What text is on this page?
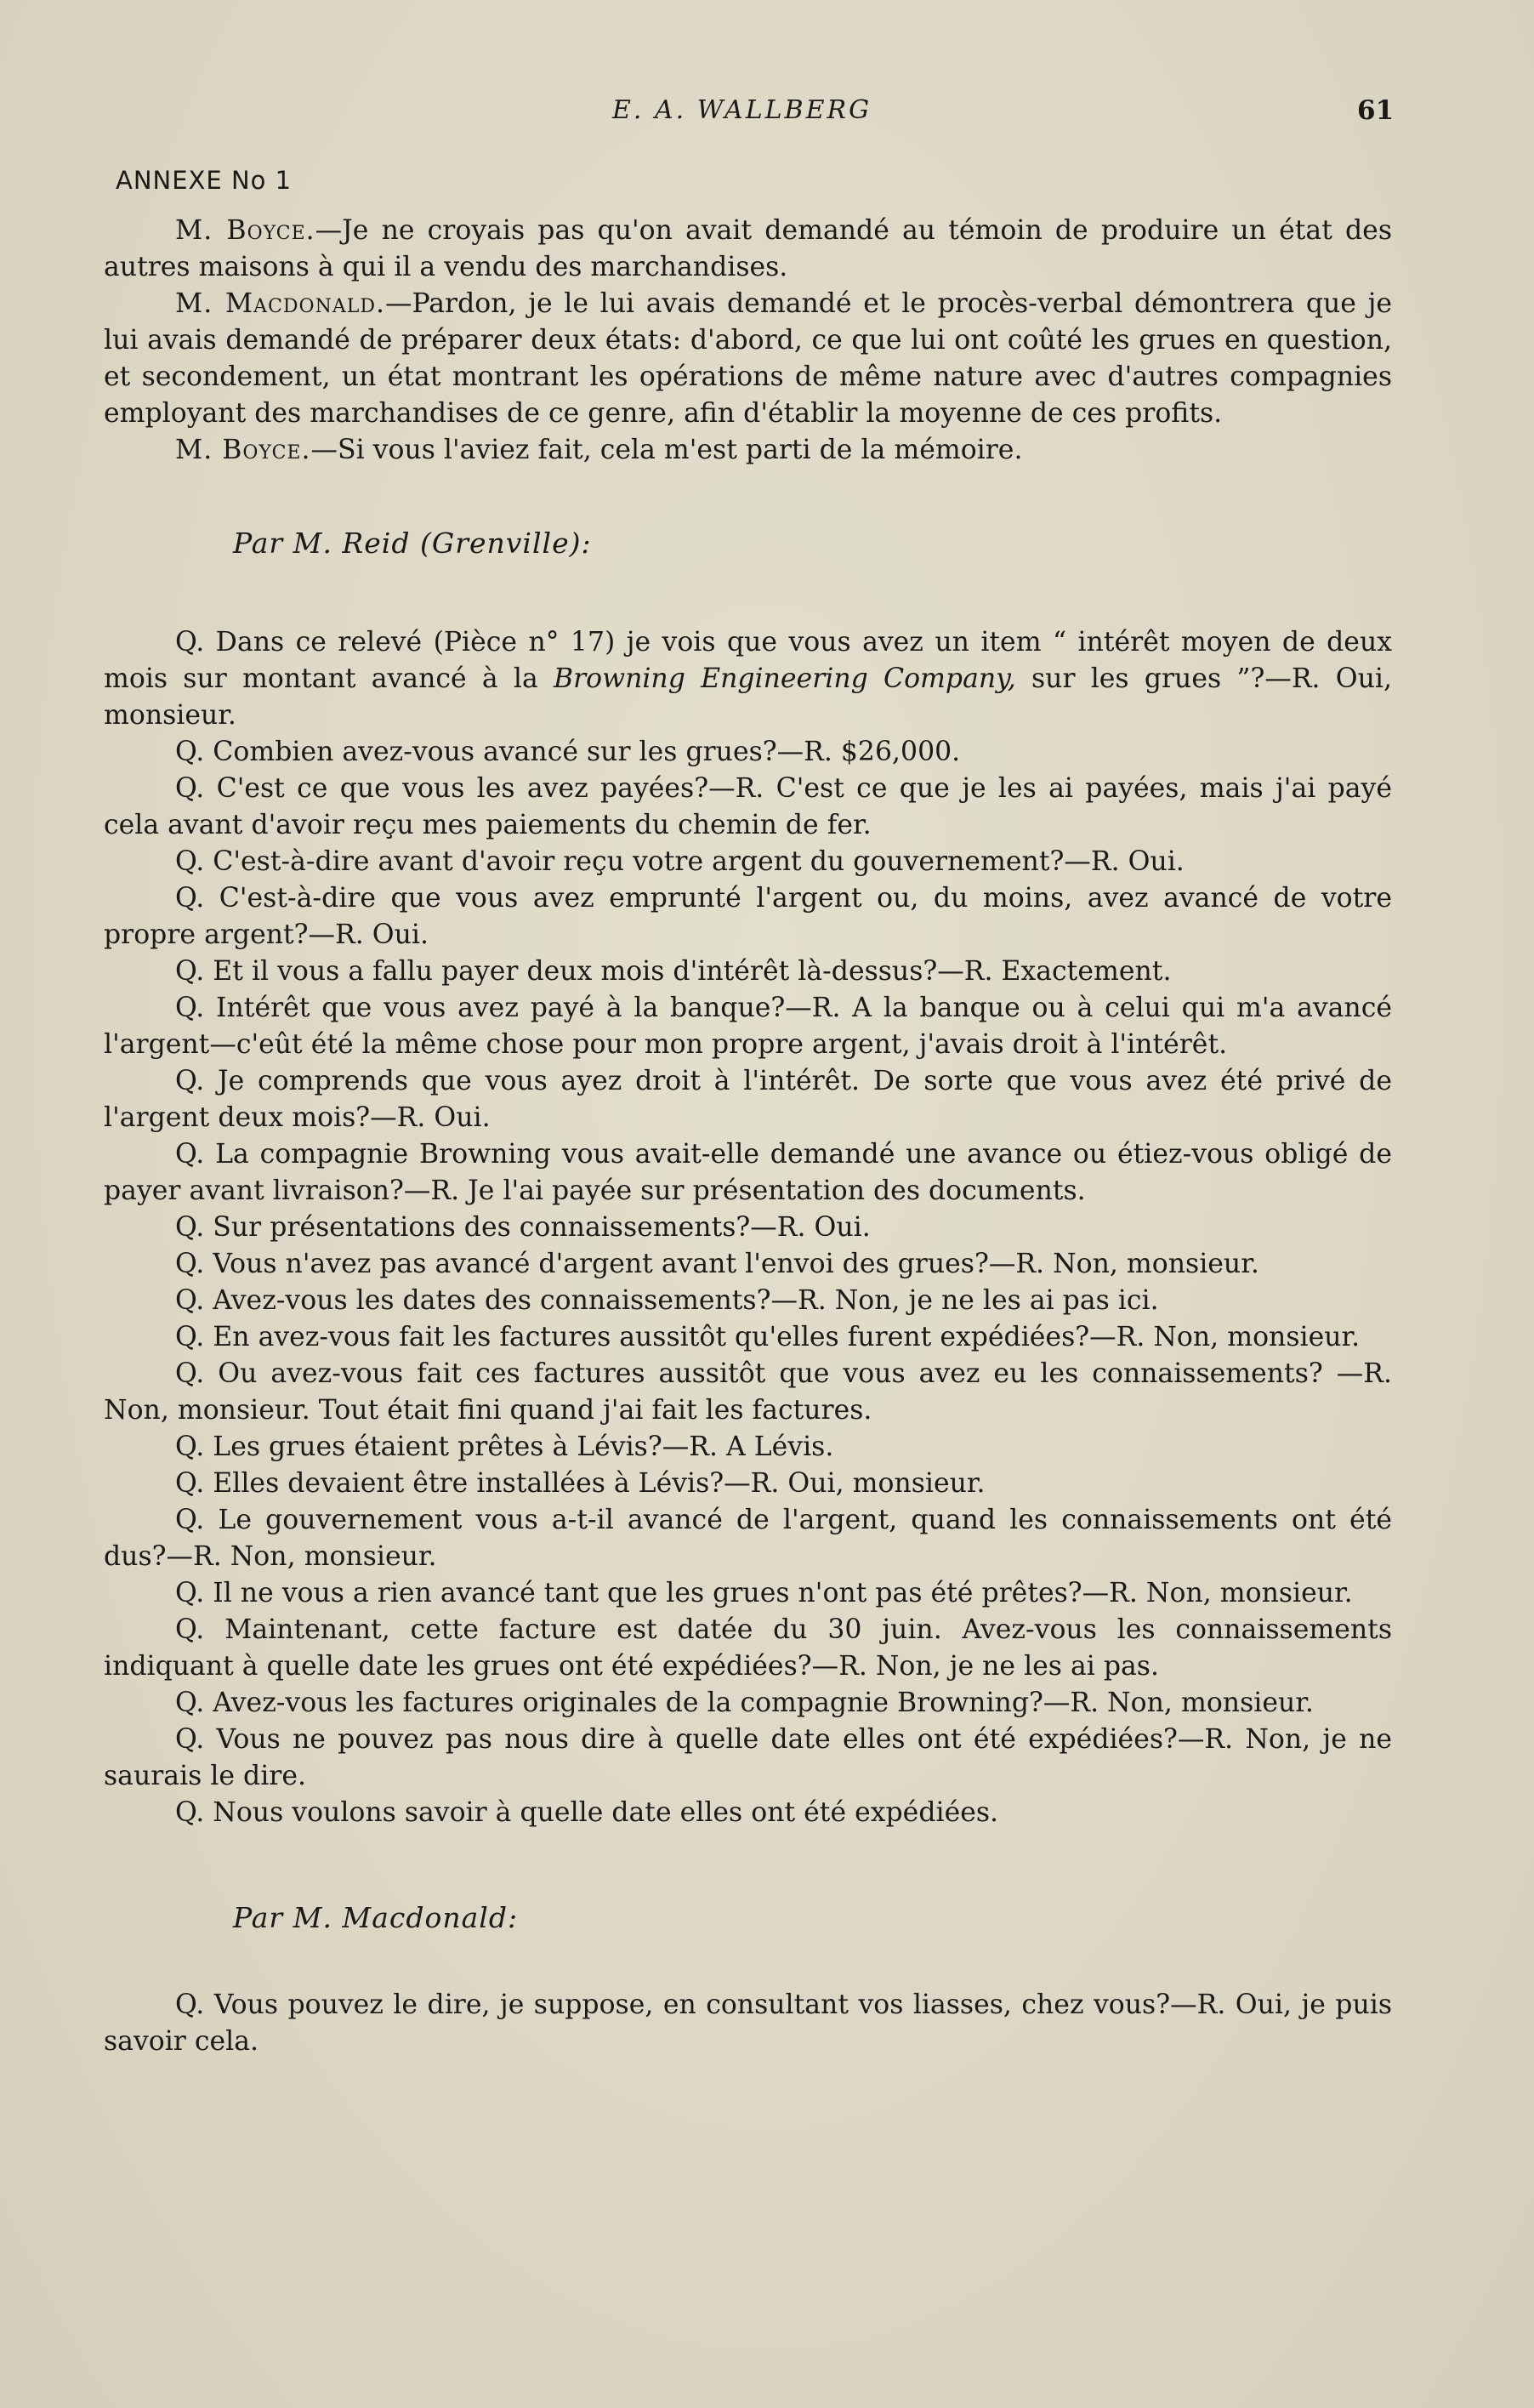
E. A. WALLBERG	61
ANNEXE No 1

M. Boyce.—Je ne croyais pas qu'on avait demandé au témoin de produire un état des autres maisons à qui il a vendu des marchandises.

M. Macdonald.—Pardon, je le lui avais demandé et le procès-verbal démontrera que je lui avais demandé de préparer deux états: d'abord, ce que lui ont coûté les grues en question, et secondement, un état montrant les opérations de même nature avec d'autres compagnies employant des marchandises de ce genre, afin d'établir la moyenne de ces profits.

M. Boyce.—Si vous l'aviez fait, cela m'est parti de la mémoire.

Par M. Reid (Grenville):

Q. Dans ce relevé (Pièce n° 17) je vois que vous avez un item “ intérêt moyen de deux mois sur montant avancé à la Browning Engineering Company, sur les grues ”?—R. Oui, monsieur.

Q. Combien avez-vous avancé sur les grues?—R. $26,000.

Q. C'est ce que vous les avez payées?—R. C'est ce que je les ai payées, mais j'ai payé cela avant d'avoir reçu mes paiements du chemin de fer.

Q. C'est-à-dire avant d'avoir reçu votre argent du gouvernement?—R. Oui.

Q. C'est-à-dire que vous avez emprunté l'argent ou, du moins, avez avancé de votre propre argent?—R. Oui.

Q. Et il vous a fallu payer deux mois d'intérêt là-dessus?—R. Exactement.

Q. Intérêt que vous avez payé à la banque?—R. A la banque ou à celui qui m'a avancé l'argent—c'eût été la même chose pour mon propre argent, j'avais droit à l'intérêt.

Q. Je comprends que vous ayez droit à l'intérêt. De sorte que vous avez été privé de l'argent deux mois?—R. Oui.

Q. La compagnie Browning vous avait-elle demandé une avance ou étiez-vous obligé de payer avant livraison?—R. Je l'ai payée sur présentation des documents.

Q. Sur présentations des connaissements?—R. Oui.

Q. Vous n'avez pas avancé d'argent avant l'envoi des grues?—R. Non, monsieur.

Q. Avez-vous les dates des connaissements?—R. Non, je ne les ai pas ici.

Q. En avez-vous fait les factures aussitôt qu'elles furent expédiées?—R. Non, monsieur.

Q. Ou avez-vous fait ces factures aussitôt que vous avez eu les connaissements? —R. Non, monsieur. Tout était fini quand j'ai fait les factures.

Q. Les grues étaient prêtes à Lévis?—R. A Lévis.

Q. Elles devaient être installées à Lévis?—R. Oui, monsieur.

Q. Le gouvernement vous a-t-il avancé de l'argent, quand les connaissements ont été dus?—R. Non, monsieur.

Q. Il ne vous a rien avancé tant que les grues n'ont pas été prêtes?—R. Non, monsieur.

Q. Maintenant, cette facture est datée du 30 juin. Avez-vous les connaissements indiquant à quelle date les grues ont été expédiées?—R. Non, je ne les ai pas.

Q. Avez-vous les factures originales de la compagnie Browning?—R. Non, monsieur.

Q. Vous ne pouvez pas nous dire à quelle date elles ont été expédiées?—R. Non, je ne saurais le dire.

Q. Nous voulons savoir à quelle date elles ont été expédiées.

Par M. Macdonald:

Q. Vous pouvez le dire, je suppose, en consultant vos liasses, chez vous?—R. Oui, je puis savoir cela.
